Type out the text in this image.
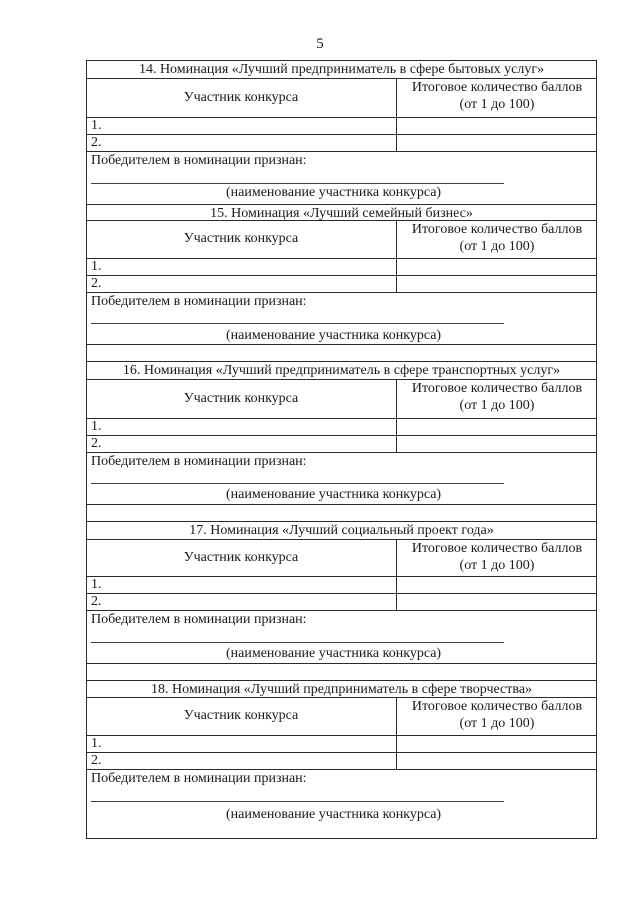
5
14. Номинация «Лучший предприниматель в сфере бытовых услуг»
Участник конкурса
Итоговое количество баллов
(от 1 до 100)
1.
2.
Победителем в номинации признан:
(наименование участника конкурса)
15. Номинация «Лучший семейный бизнес»
Участник конкурса
Итоговое количество баллов
(от 1 до 100)
1.
2.
Победителем в номинации признан:
(наименование участника конкурса)
16. Номинация «Лучший предприниматель в сфере транспортных услуг»
Участник конкурса
Итоговое количество баллов
(от 1 до 100)
1.
2.
Победителем в номинации признан:
(наименование участника конкурса)
17. Номинация «Лучший социальный проект года»
Участник конкурса
Итоговое количество баллов
(от 1 до 100)
1.
2.
Победителем в номинации признан:
(наименование участника конкурса)
18. Номинация «Лучший предприниматель в сфере творчества»
Участник конкурса
Итоговое количество баллов
(от 1 до 100)
1.
2.
Победителем в номинации признан:
(наименование участника конкурса)
